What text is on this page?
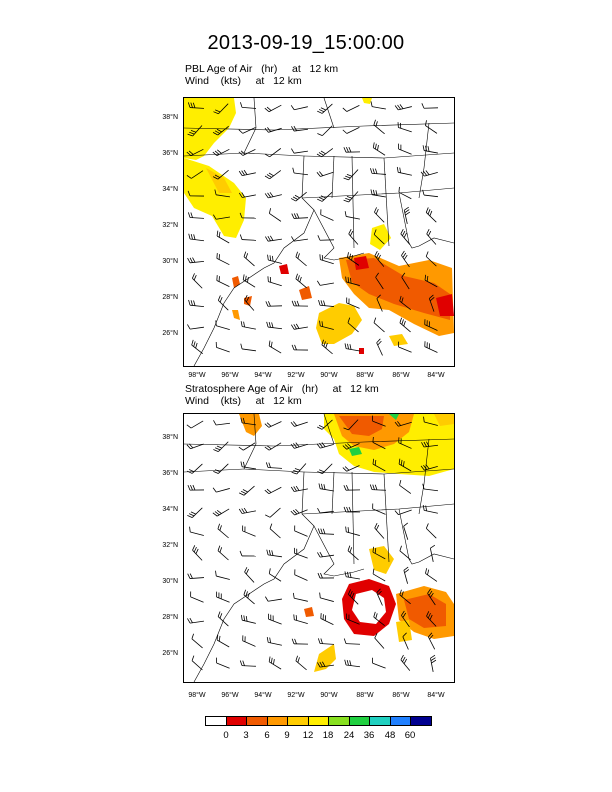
2013-09-19_15:00:00
PBL Age of Air   (hr)     at   12 km
Wind    (kts)     at   12 km
38°N
36°N
34°N
32°N
30°N
28°N
26°N
98°W	96°W	94°W	92°W	90°W	88°W	86°W	84°W
Stratosphere Age of Air   (hr)     at   12 km
Wind    (kts)     at   12 km
38°N
36°N
34°N
32°N
30°N
28°N
26°N
98°W	96°W	94°W	92°W	90°W	88°W	86°W	84°W
0	3	6	9	12 18	24 36	48 60
